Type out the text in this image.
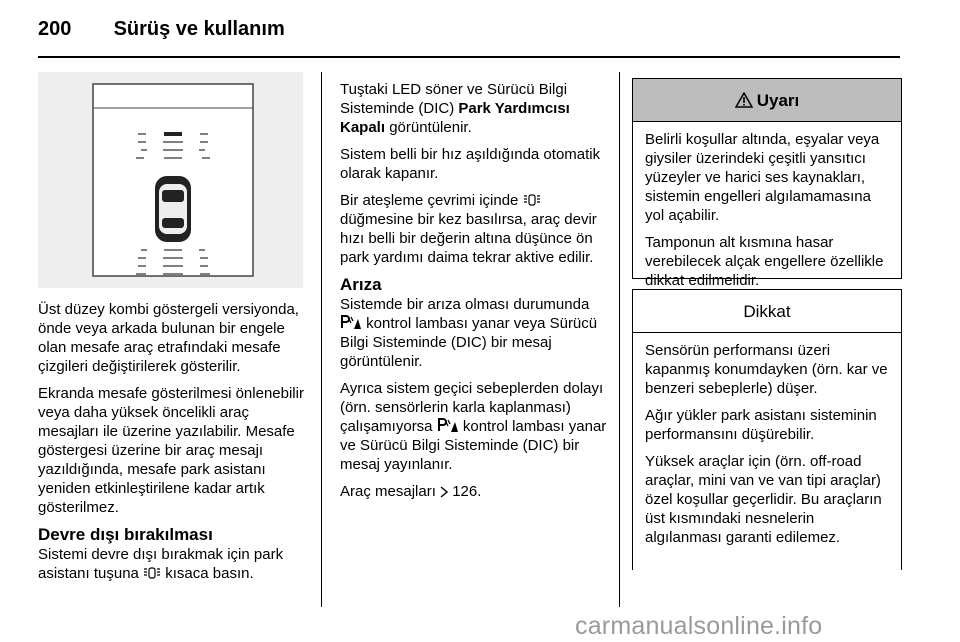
200 Sürüş ve kullanım

Üst düzey kombi göstergeli versiyonda, önde veya arkada bulunan bir engele olan mesafe araç etrafındaki mesafe çizgileri değiştirilerek gösterilir.

Ekranda mesafe gösterilmesi önlenebilir veya daha yüksek öncelikli araç mesajları ile üzerine yazılabilir. Mesafe göstergesi üzerine bir araç mesajı yazıldığında, mesafe park asistanı yeniden etkinleştirilene kadar artık gösterilmez.

Devre dışı bırakılması

Sistemi devre dışı bırakmak için park asistanı tuşuna kısaca basın.

Tuştaki LED söner ve Sürücü Bilgi Sisteminde (DIC) Park Yardımcısı Kapalı görüntülenir.

Sistem belli bir hız aşıldığında otomatik olarak kapanır.

Bir ateşleme çevrimi içinde  düğmesine bir kez basılırsa, araç devir hızı belli bir değerin altına düşünce ön park yardımı daima tekrar aktive edilir.

Arıza

Sistemde bir arıza olması durumunda  kontrol lambası yanar veya Sürücü Bilgi Sisteminde (DIC) bir mesaj görüntülenir.

Ayrıca sistem geçici sebeplerden dolayı (örn. sensörlerin karla kaplanması) çalışamıyorsa kontrol lambası yanar ve Sürücü Bilgi Sisteminde (DIC) bir mesaj yayınlanır.

Araç mesajları 126.

Uyarı

Belirli koşullar altında, eşyalar veya giysiler üzerindeki çeşitli yansıtıcı yüzeyler ve harici ses kaynakları, sistemin engelleri algılamamasına yol açabilir.

Tamponun alt kısmına hasar verebilecek alçak engellere özellikle dikkat edilmelidir.

Dikkat

Sensörün performansı üzeri kapanmış konumdayken (örn. kar ve benzeri sebeplerle) düşer.

Ağır yükler park asistanı sisteminin performansını düşürebilir.

Yüksek araçlar için (örn. off-road araçlar, mini van ve van tipi araçlar) özel koşullar geçerlidir. Bu araçların üst kısmındaki nesnelerin algılanması garanti edilemez.

carmanualsonline.info
